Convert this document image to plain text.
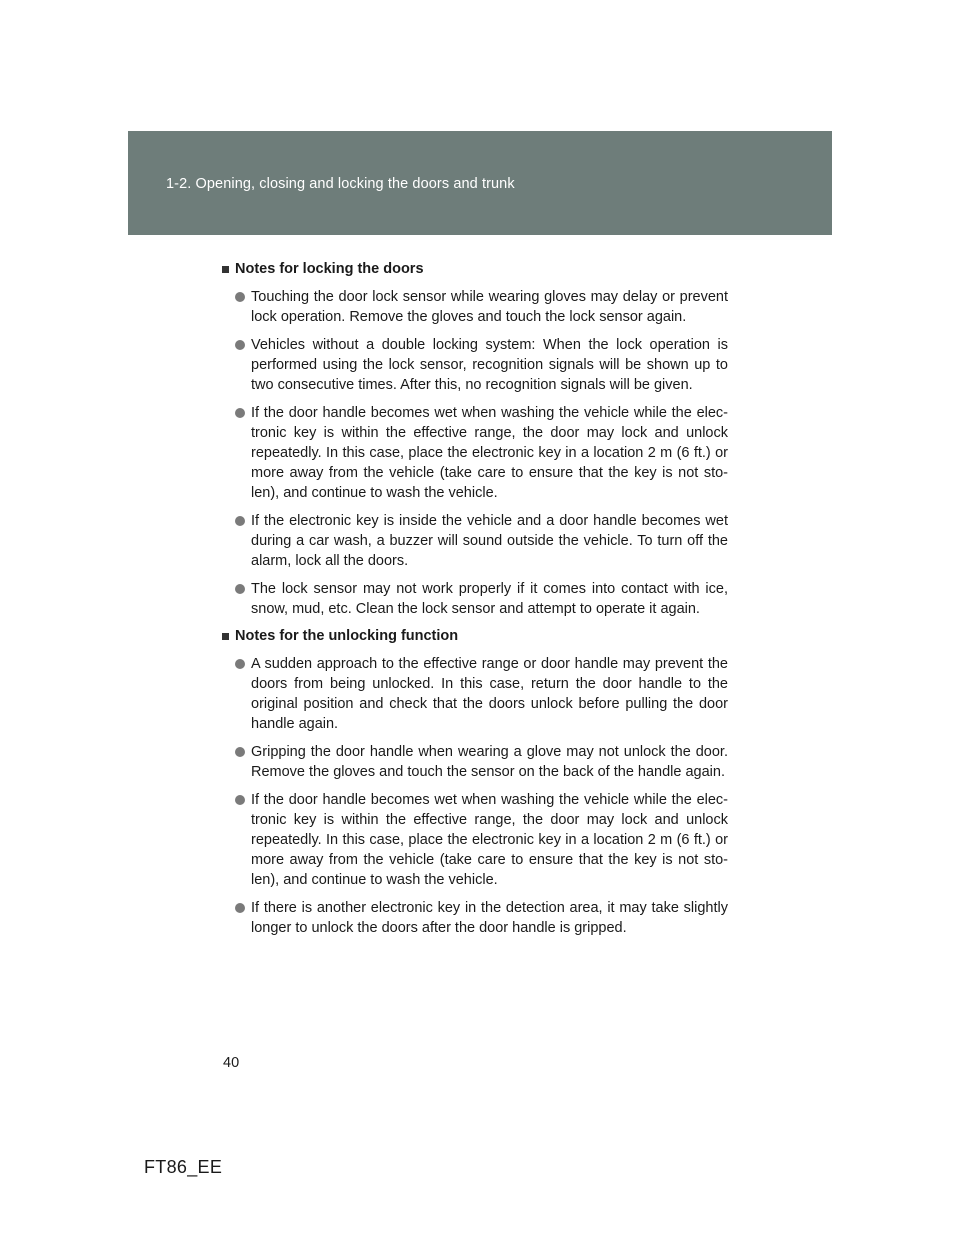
1-2. Opening, closing and locking the doors and trunk
Notes for locking the doors
Touching the door lock sensor while wearing gloves may delay or prevent lock operation. Remove the gloves and touch the lock sensor again.
Vehicles without a double locking system: When the lock operation is performed using the lock sensor, recognition signals will be shown up to two consecutive times. After this, no recognition signals will be given.
If the door handle becomes wet when washing the vehicle while the elec-tronic key is within the effective range, the door may lock and unlock repeatedly. In this case, place the electronic key in a location 2 m (6 ft.) or more away from the vehicle (take care to ensure that the key is not sto-len), and continue to wash the vehicle.
If the electronic key is inside the vehicle and a door handle becomes wet during a car wash, a buzzer will sound outside the vehicle. To turn off the alarm, lock all the doors.
The lock sensor may not work properly if it comes into contact with ice, snow, mud, etc. Clean the lock sensor and attempt to operate it again.
Notes for the unlocking function
A sudden approach to the effective range or door handle may prevent the doors from being unlocked. In this case, return the door handle to the original position and check that the doors unlock before pulling the door handle again.
Gripping the door handle when wearing a glove may not unlock the door. Remove the gloves and touch the sensor on the back of the handle again.
If the door handle becomes wet when washing the vehicle while the elec-tronic key is within the effective range, the door may lock and unlock repeatedly. In this case, place the electronic key in a location 2 m (6 ft.) or more away from the vehicle (take care to ensure that the key is not sto-len), and continue to wash the vehicle.
If there is another electronic key in the detection area, it may take slightly longer to unlock the doors after the door handle is gripped.
40
FT86_EE
